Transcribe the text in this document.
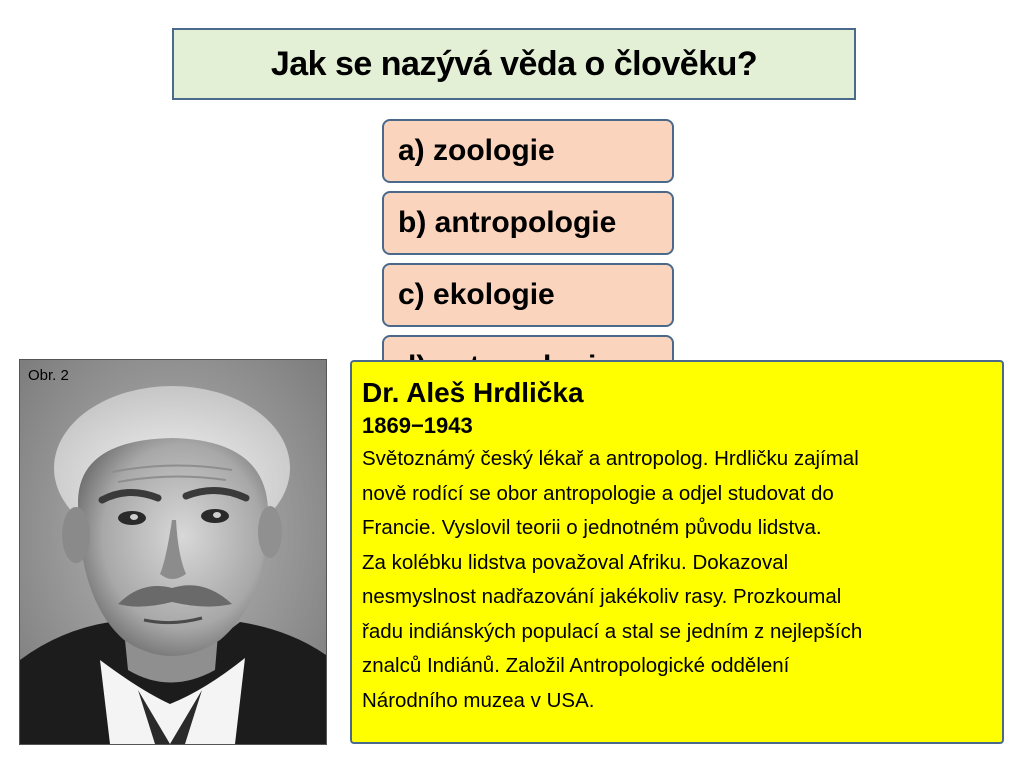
Jak se nazývá věda o člověku?
a) zoologie
b) antropologie
c) ekologie
Obr. 2
Dr. Aleš Hrdlička
1869−1943
Světoznámý český lékař a antropolog. Hrdličku zajímal
nově rodící se obor antropologie a odjel studovat do
Francie. Vyslovil teorii o jednotném původu lidstva.
Za kolébku lidstva považoval Afriku. Dokazoval
nesmyslnost nadřazování jakékoliv rasy. Prozkoumal
řadu indiánských populací a stal se jedním z nejlepších
znalců Indiánů. Založil Antropologické oddělení
Národního muzea v USA.
